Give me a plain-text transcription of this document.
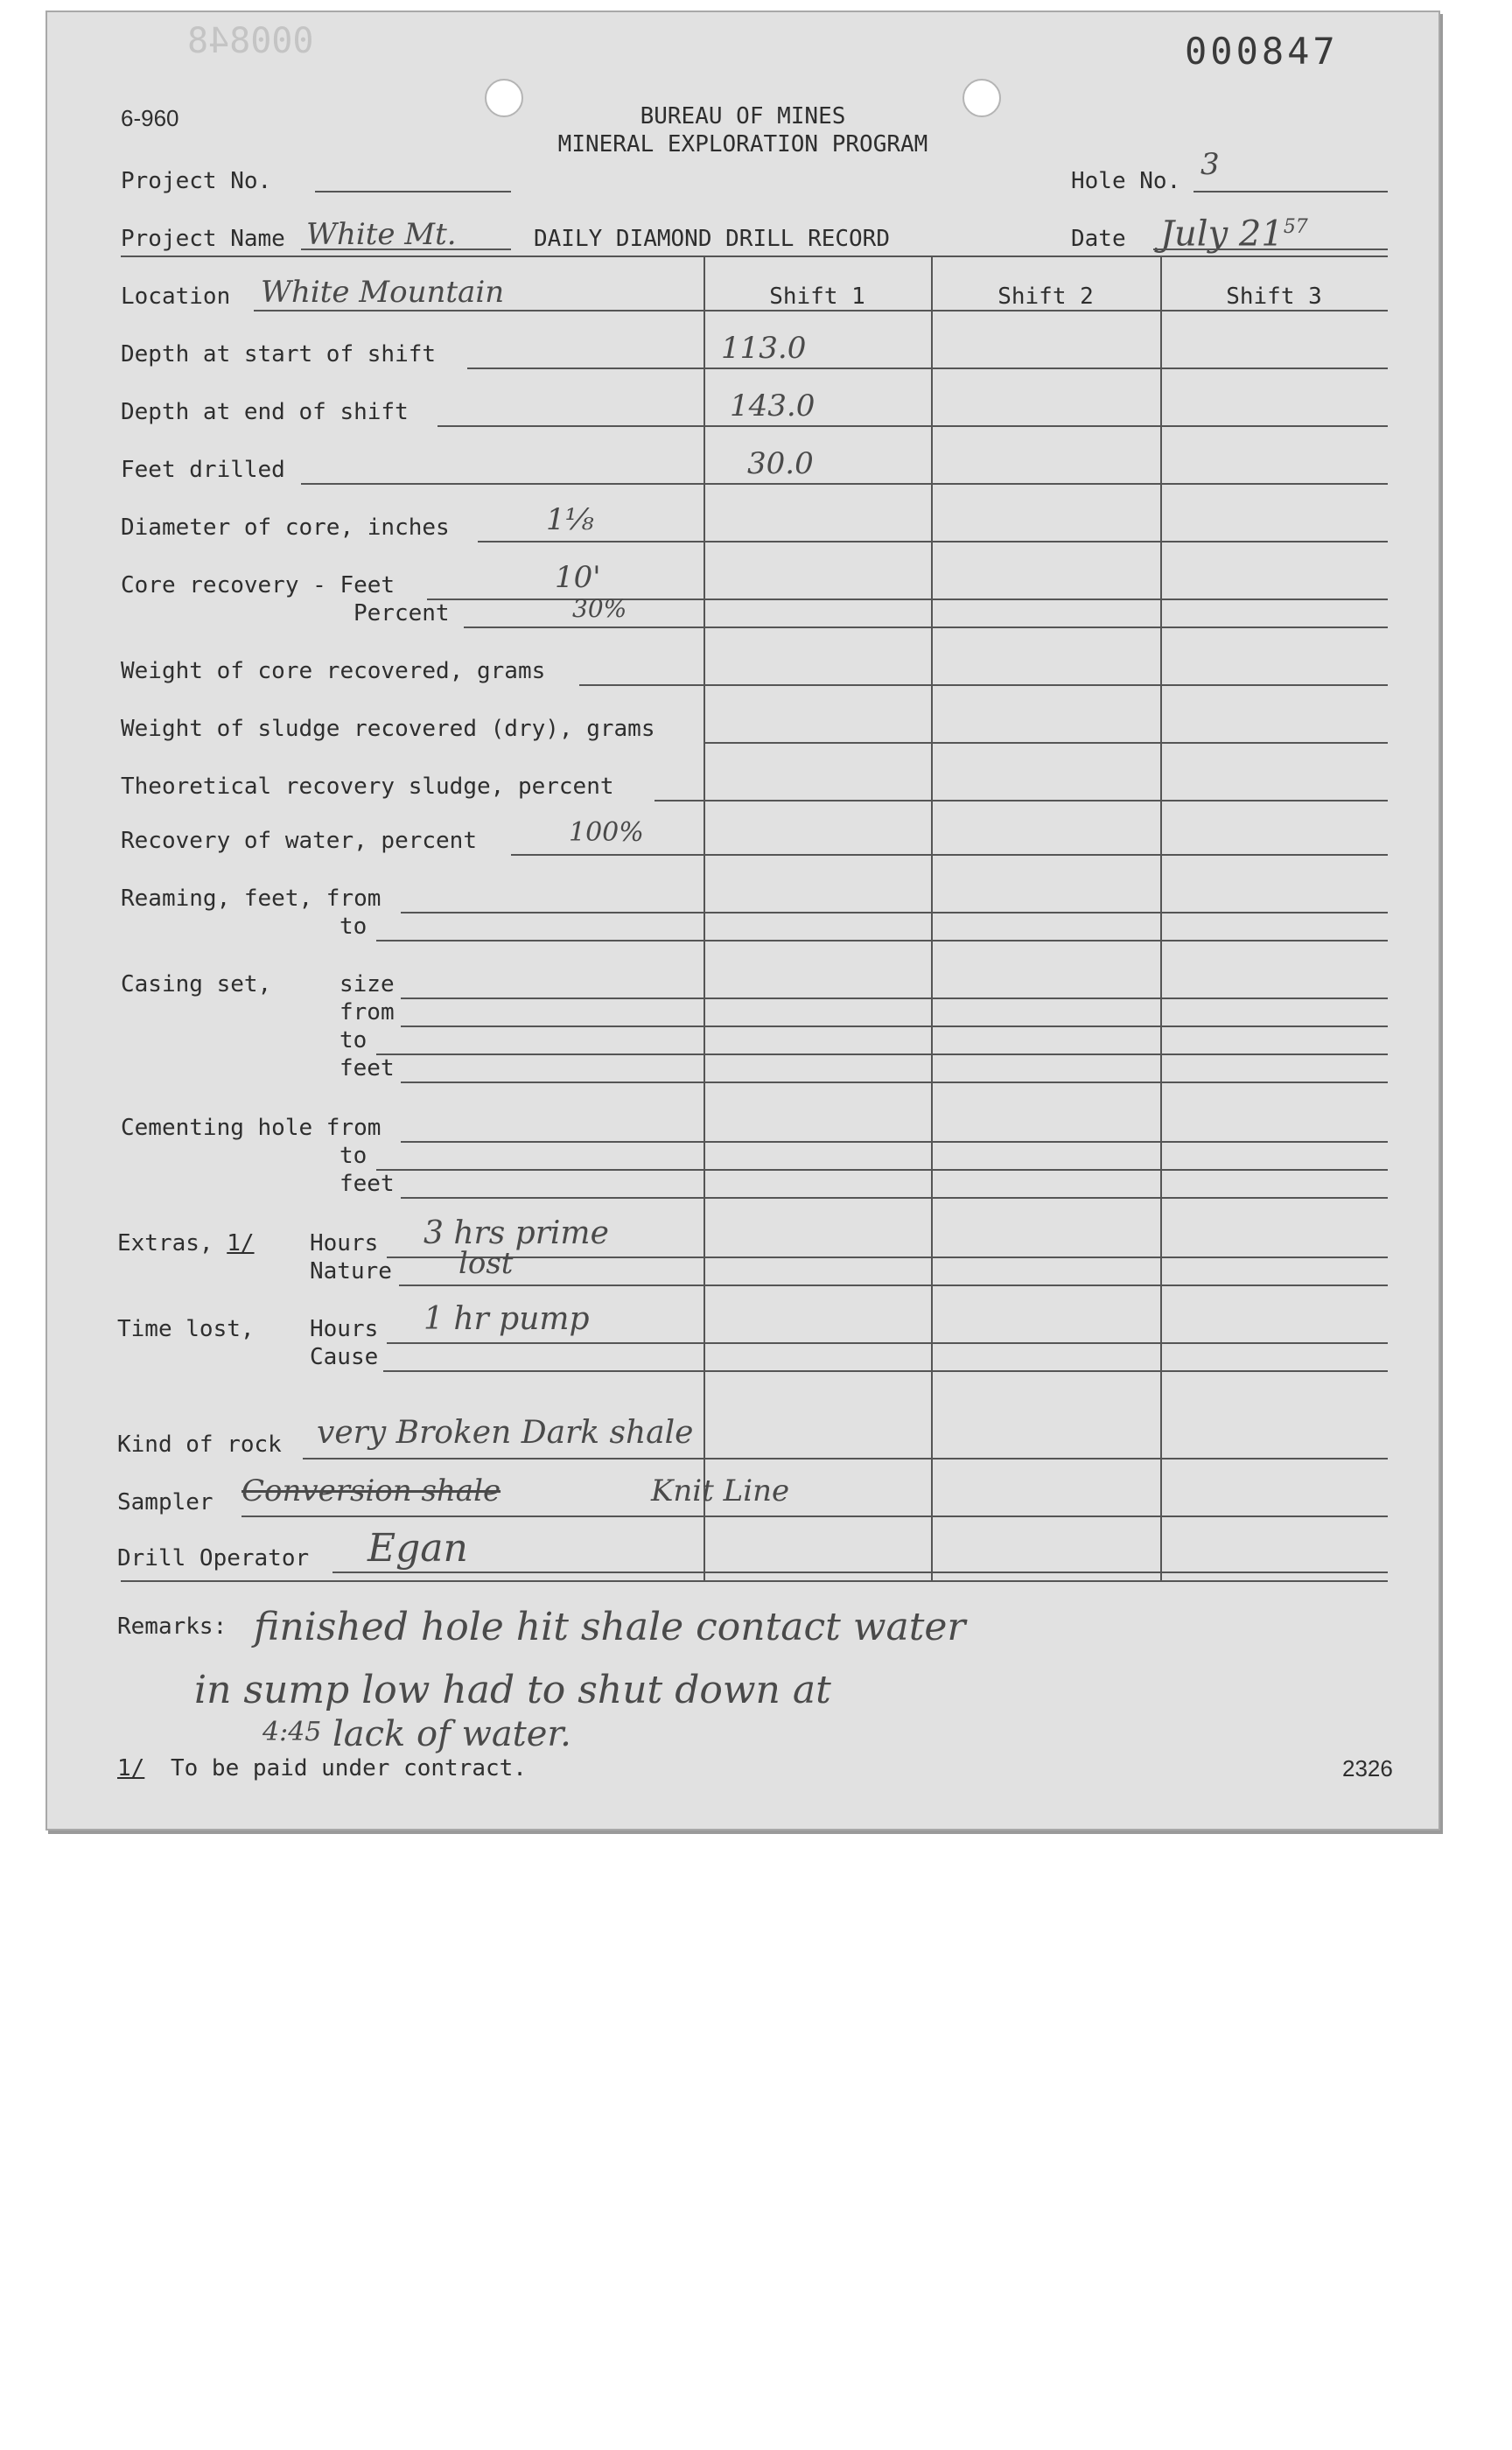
000848	000847
6-960	BUREAU OF MINES
MINERAL EXPLORATION PROGRAM
Project No.	Hole No. 3
Project Name White Mt.	DAILY DIAMOND DRILL RECORD	Date July $21^{57}$
Location White Mountain	Shift 1	Shift 2	Shift 3
Depth at start of shift	113.0
Depth at end of shift	143.0
Feet drilled	30.0
Diameter of core, inches	1⅛
Core recovery - Feet	10'
Percent	30%
Weight of core recovered, grams
Weight of sludge recovered (dry), grams
Theoretical recovery sludge, percent
Recovery of water, percent	100%
Reaming, feet, from
to
Casing set,	size
from
to
feet
Cementing hole from
to
feet
Extras, 1/ Hours 3 hrs prime
Nature lost
Time lost, Hours 1 hr pump
Cause
Kind of rock very Broken Dark shale
Sampler Conversion shale	Knit Line
Drill Operator Egan
Remarks: finished hole hit shale contact water
in sump low had to shut down at
4:45 lack of water.
1/ To be paid under contract.	2326
